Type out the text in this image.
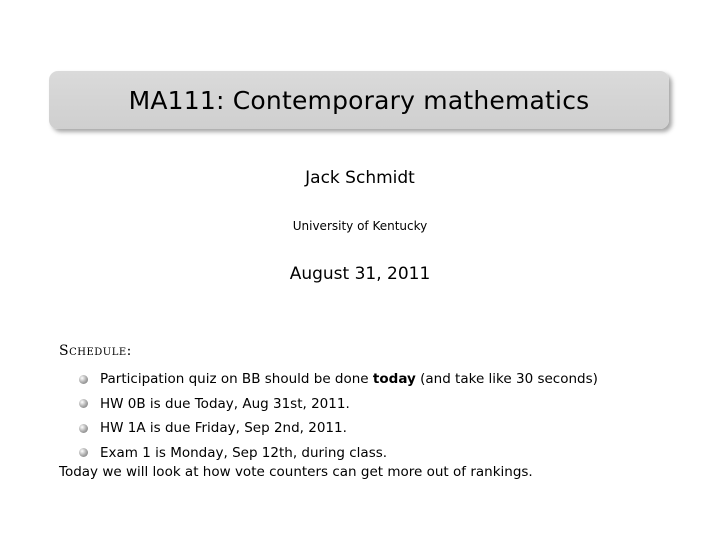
MA111: Contemporary mathematics
Jack Schmidt
University of Kentucky
August 31, 2011
Schedule:
Participation quiz on BB should be done today (and take like 30 seconds)
HW 0B is due Today, Aug 31st, 2011.
HW 1A is due Friday, Sep 2nd, 2011.
Exam 1 is Monday, Sep 12th, during class.
Today we will look at how vote counters can get more out of rankings.
